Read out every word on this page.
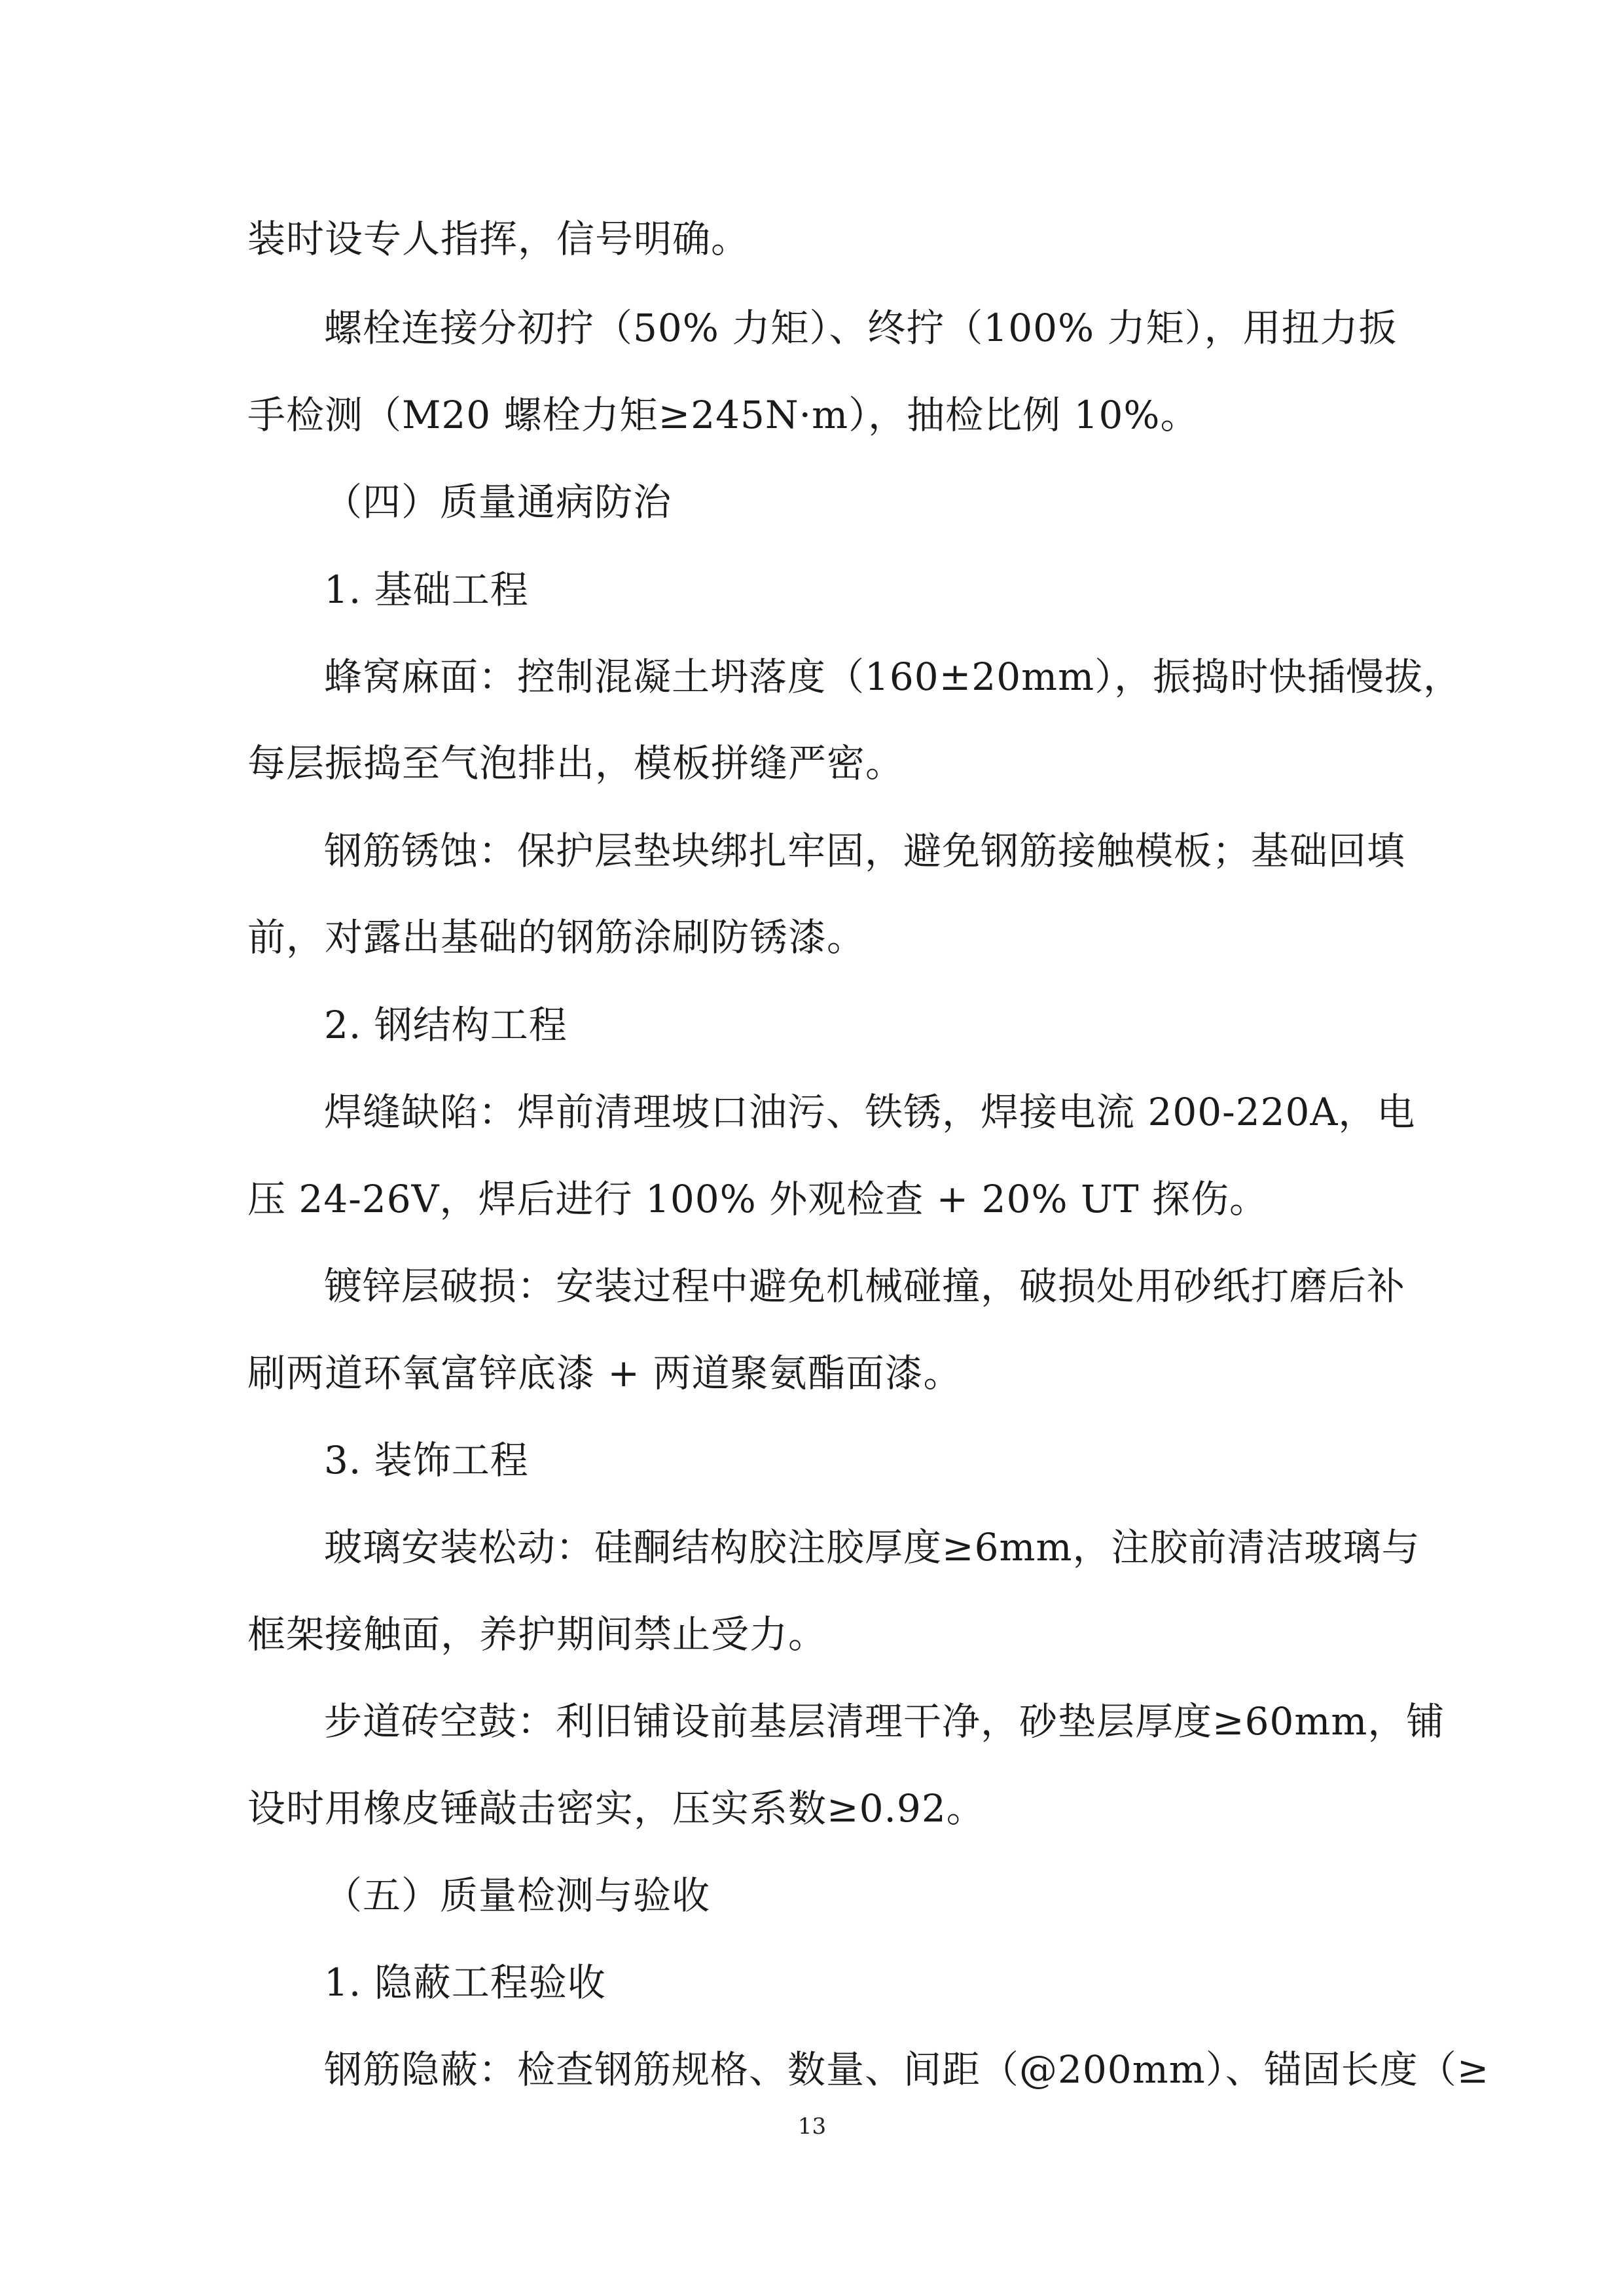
装时设专人指挥，信号明确。
螺栓连接分初拧（50% 力矩）、终拧（100% 力矩），用扭力扳
手检测（M20 螺栓力矩≥245N·m），抽检比例 10%。
（四）质量通病防治
1. 基础工程
蜂窝麻面：控制混凝土坍落度（160±20mm），振捣时快插慢拔，
每层振捣至气泡排出，模板拼缝严密。
钢筋锈蚀：保护层垫块绑扎牢固，避免钢筋接触模板；基础回填
前，对露出基础的钢筋涂刷防锈漆。
2. 钢结构工程
焊缝缺陷：焊前清理坡口油污、铁锈，焊接电流 200-220A，电
压 24-26V，焊后进行 100% 外观检查 + 20% UT 探伤。
镀锌层破损：安装过程中避免机械碰撞，破损处用砂纸打磨后补
刷两道环氧富锌底漆 + 两道聚氨酯面漆。
3. 装饰工程
玻璃安装松动：硅酮结构胶注胶厚度≥6mm，注胶前清洁玻璃与
框架接触面，养护期间禁止受力。
步道砖空鼓：利旧铺设前基层清理干净，砂垫层厚度≥60mm，铺
设时用橡皮锤敲击密实，压实系数≥0.92。
（五）质量检测与验收
1. 隐蔽工程验收
钢筋隐蔽：检查钢筋规格、数量、间距（@200mm）、锚固长度（≥
13
